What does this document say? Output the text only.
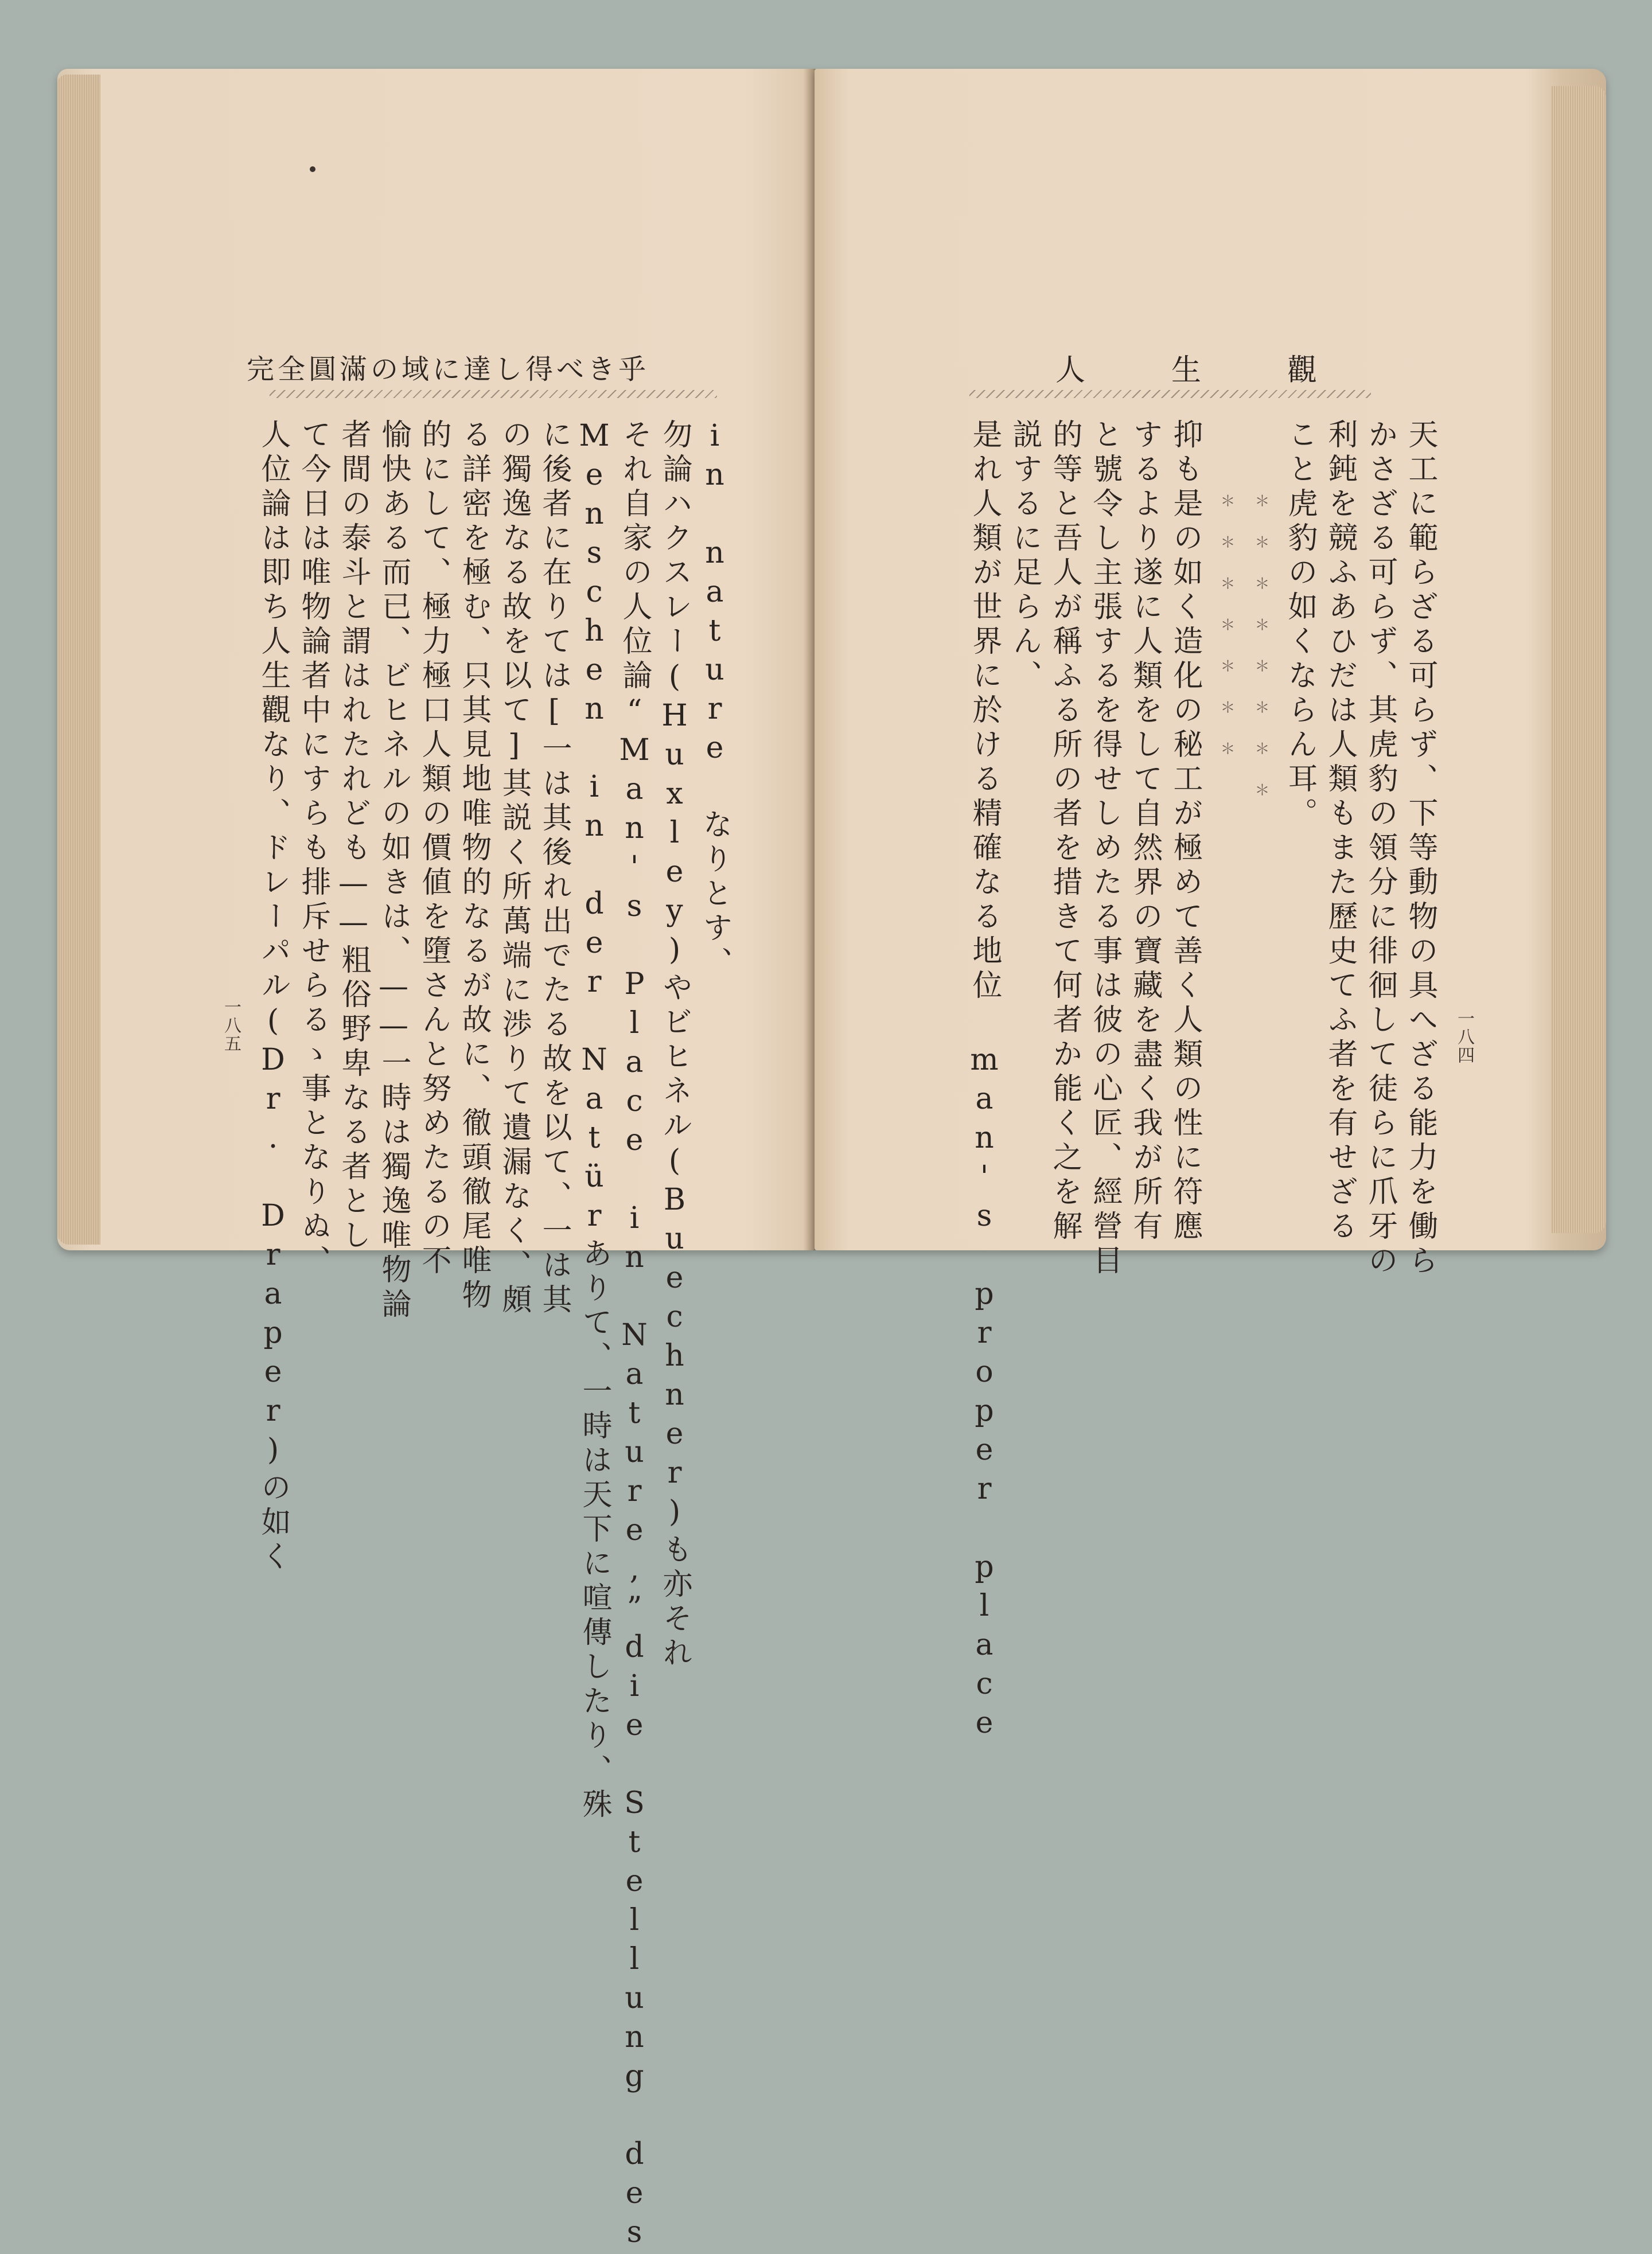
完全圓滿の域に達し得べき乎
in nature なりとす、
勿論ハクスレー(Huxley)やビヒネル(Buechner)も亦それ
それ自家の人位論“Man's Place in Nature,”die Stellung des
Menschen in der Natürありて、一時は天下に喧傳したり、殊
に後者に在りては[一は其後れ出でたる故を以て、一は其
の獨逸なる故を以て]其説く所萬端に渉りて遺漏なく、頗
る詳密を極む、只其見地唯物的なるが故に、徹頭徹尾唯物
的にして、極力極口人類の價値を墮さんと努めたるの不
愉快ある而已、ビヒネルの如きは、——一時は獨逸唯物論
者間の泰斗と謂はれたれども——粗俗野卑なる者とし
て今日は唯物論者中にすらも排斥せらるゝ事となりぬ、
人位論は即ち人生觀なり、ドレーパル(Dr. Draper)の如く
一八五
人生觀
天工に範らざる可らず、下等動物の具へざる能力を働ら
かさざる可らず、其虎豹の領分に徘徊して徒らに爪牙の
利鈍を競ふあひだは人類もまた歷史てふ者を有せざる
こと虎豹の如くならん耳。
＊＊＊＊＊＊＊＊
＊＊＊＊＊＊＊
抑も是の如く造化の秘工が極めて善く人類の性に符應
するより遂に人類をして自然界の寶藏を盡く我が所有
と號令し主張するを得せしめたる事は彼の心匠、經營目
的等と吾人が稱ふる所の者を措きて何者か能く之を解
説するに足らん、
是れ人類が世界に於ける精確なる地位 man's proper place	一八四
